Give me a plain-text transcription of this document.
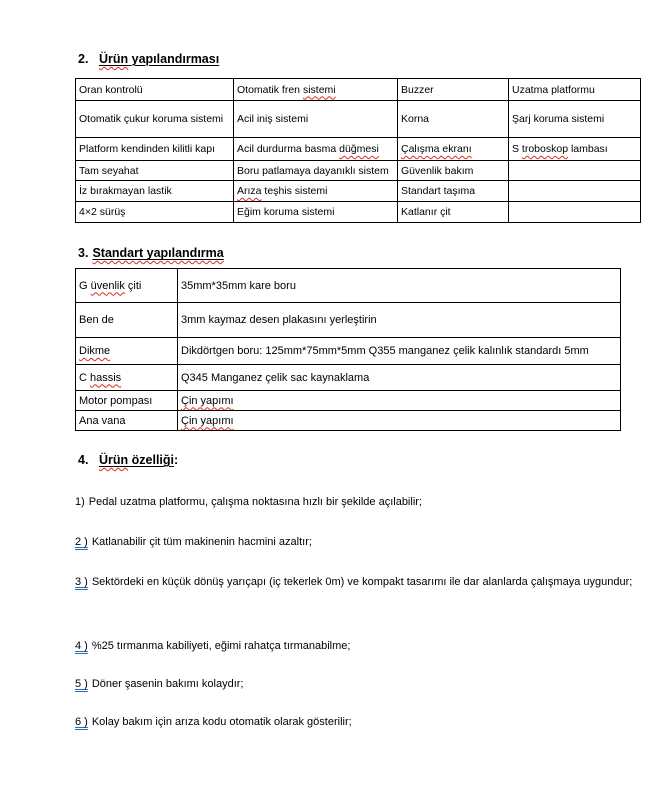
2. Ürün yapılandırması
Oran kontrolü	Otomatik fren sistemi	Buzzer	Uzatma platformu
Otomatik çukur koruma sistemi	Acil iniş sistemi	Korna	Şarj koruma sistemi
Platform kendinden kilitli kapı	Acil durdurma basma düğmesi	Çalışma ekranı	S troboskop lambası
Tam seyahat	Boru patlamaya dayanıklı sistem	Güvenlik bakım	
İz bırakmayan lastik	Arıza teşhis sistemi	Standart taşıma	
4×2 sürüş	Eğim koruma sistemi	Katlanır çit	
3. Standart yapılandırma
G üvenlik çiti	35mm*35mm kare boru
Ben de	3mm kaymaz desen plakasını yerleştirin
Dikme	Dikdörtgen boru: 125mm*75mm*5mm Q355 manganez çelik kalınlık standardı 5mm
C hassis	Q345 Manganez çelik sac kaynaklama
Motor pompası	Çin yapımı
Ana vana	Çin yapımı
4. Ürün özelliği:

1) Pedal uzatma platformu, çalışma noktasına hızlı bir şekilde açılabilir;

2 ) Katlanabilir çit tüm makinenin hacmini azaltır;

3 ) Sektördeki en küçük dönüş yarıçapı (iç tekerlek 0m) ve kompakt tasarımı ile dar alanlarda çalışmaya uygundur;

4 ) %25 tırmanma kabiliyeti, eğimi rahatça tırmanabilme;

5 ) Döner şasenin bakımı kolaydır;

6 ) Kolay bakım için arıza kodu otomatik olarak gösterilir;
